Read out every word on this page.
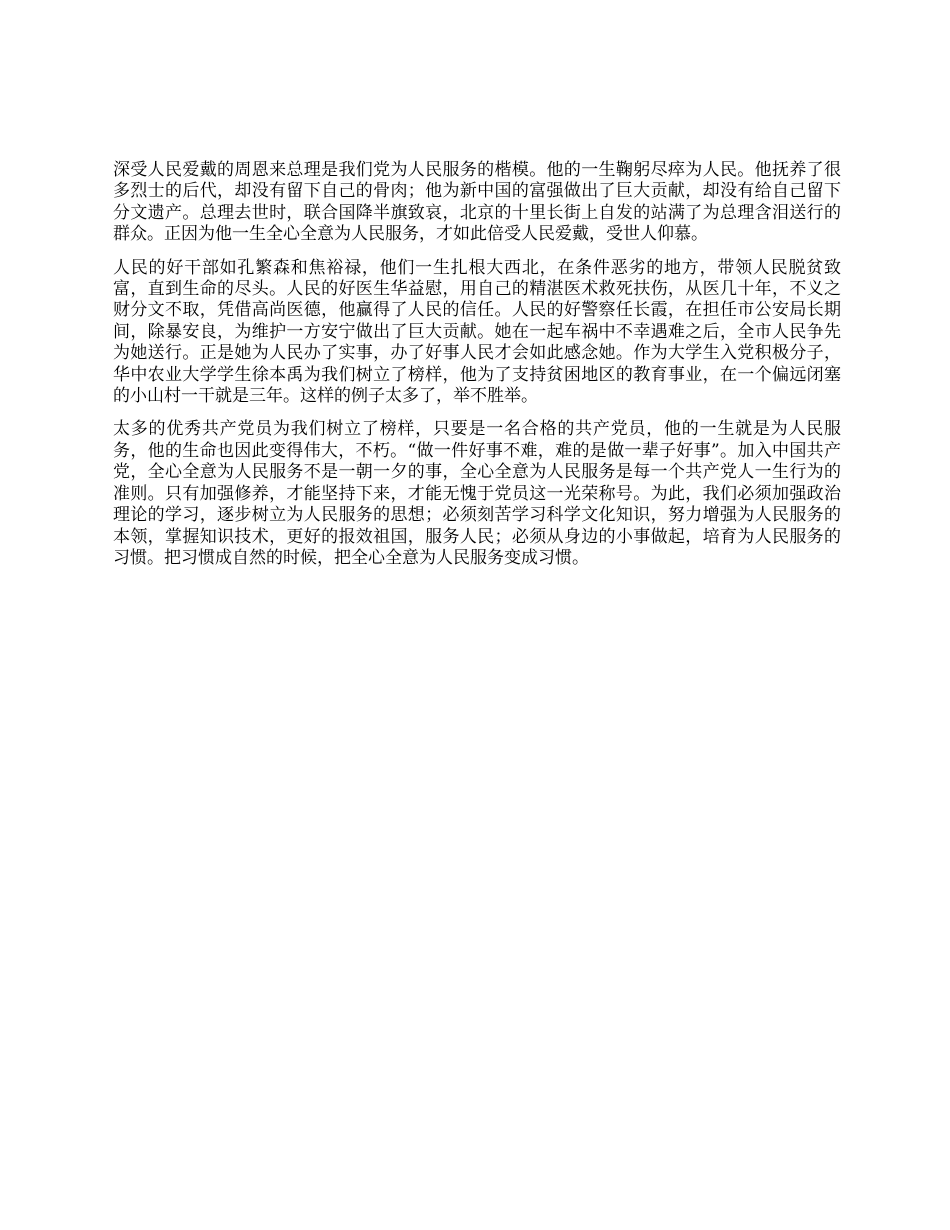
深受人民爱戴的周恩来总理是我们党为人民服务的楷模。他的一生鞠躬尽瘁为人民。他抚养了很多烈士的后代，却没有留下自己的骨肉；他为新中国的富强做出了巨大贡献，却没有给自己留下分文遗产。总理去世时，联合国降半旗致哀，北京的十里长街上自发的站满了为总理含泪送行的群众。正因为他一生全心全意为人民服务，才如此倍受人民爱戴，受世人仰慕。

人民的好干部如孔繁森和焦裕禄，他们一生扎根大西北，在条件恶劣的地方，带领人民脱贫致富，直到生命的尽头。人民的好医生华益慰，用自己的精湛医术救死扶伤，从医几十年，不义之财分文不取，凭借高尚医德，他赢得了人民的信任。人民的好警察任长霞，在担任市公安局长期间，除暴安良，为维护一方安宁做出了巨大贡献。她在一起车祸中不幸遇难之后，全市人民争先为她送行。正是她为人民办了实事，办了好事人民才会如此感念她。作为大学生入党积极分子，华中农业大学学生徐本禹为我们树立了榜样，他为了支持贫困地区的教育事业，在一个偏远闭塞的小山村一干就是三年。这样的例子太多了，举不胜举。

太多的优秀共产党员为我们树立了榜样，只要是一名合格的共产党员，他的一生就是为人民服务，他的生命也因此变得伟大，不朽。“做一件好事不难，难的是做一辈子好事”。加入中国共产党，全心全意为人民服务不是一朝一夕的事，全心全意为人民服务是每一个共产党人一生行为的准则。只有加强修养，才能坚持下来，才能无愧于党员这一光荣称号。为此，我们必须加强政治理论的学习，逐步树立为人民服务的思想；必须刻苦学习科学文化知识，努力增强为人民服务的本领，掌握知识技术，更好的报效祖国，服务人民；必须从身边的小事做起，培育为人民服务的习惯。把习惯成自然的时候，把全心全意为人民服务变成习惯。
